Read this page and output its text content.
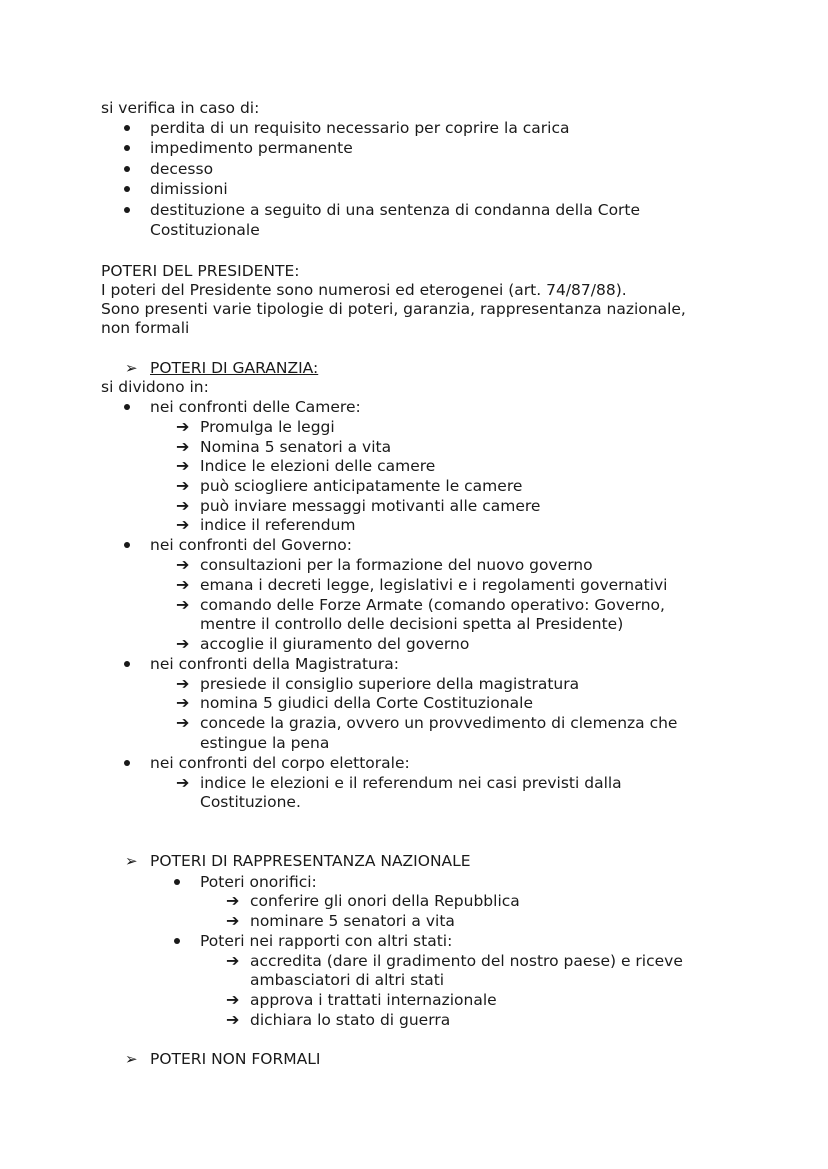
si verifica in caso di:
perdita di un requisito necessario per coprire la carica
impedimento permanente
decesso
dimissioni
destituzione a seguito di una sentenza di condanna della Corte
Costituzionale
POTERI DEL PRESIDENTE:
I poteri del Presidente sono numerosi ed eterogenei (art. 74/87/88).
Sono presenti varie tipologie di poteri, garanzia, rappresentanza nazionale,
non formali
➢ POTERI DI GARANZIA:
si dividono in:
nei confronti delle Camere:
➔ Promulga le leggi
➔ Nomina 5 senatori a vita
➔ Indice le elezioni delle camere
➔ può sciogliere anticipatamente le camere
➔ può inviare messaggi motivanti alle camere
➔ indice il referendum
nei confronti del Governo:
➔ consultazioni per la formazione del nuovo governo
➔ emana i decreti legge, legislativi e i regolamenti governativi
➔ comando delle Forze Armate (comando operativo: Governo,
mentre il controllo delle decisioni spetta al Presidente)
➔ accoglie il giuramento del governo
nei confronti della Magistratura:
➔ presiede il consiglio superiore della magistratura
➔ nomina 5 giudici della Corte Costituzionale
➔ concede la grazia, ovvero un provvedimento di clemenza che
estingue la pena
nei confronti del corpo elettorale:
➔ indice le elezioni e il referendum nei casi previsti dalla
Costituzione.
➢ POTERI DI RAPPRESENTANZA NAZIONALE
Poteri onorifici:
➔ conferire gli onori della Repubblica
➔ nominare 5 senatori a vita
Poteri nei rapporti con altri stati:
➔ accredita (dare il gradimento del nostro paese) e riceve
ambasciatori di altri stati
➔ approva i trattati internazionale
➔ dichiara lo stato di guerra
➢ POTERI NON FORMALI
